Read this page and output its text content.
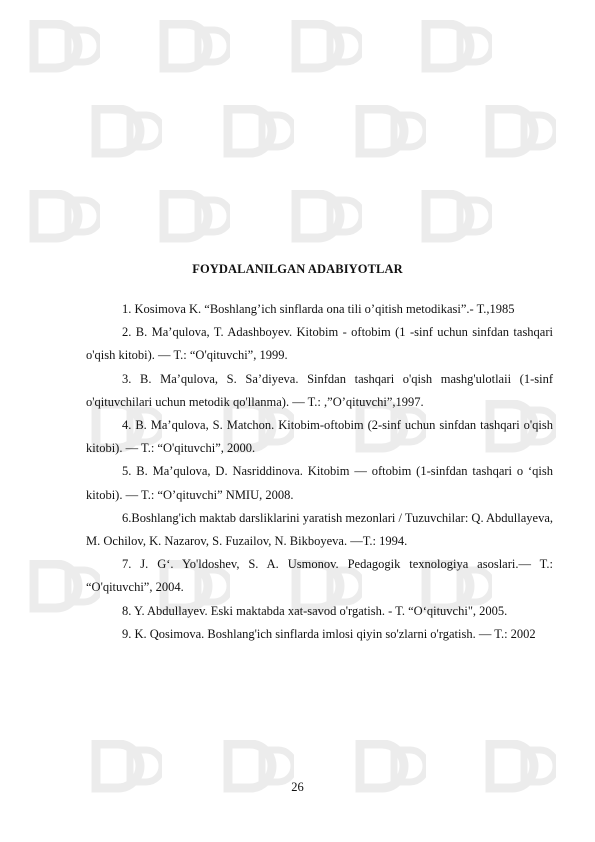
FOYDALANILGAN ADABIYOTLAR

1. Kosimova K. “Boshlang’ich sinflarda ona tili o’qitish metodikasi”.- T.,1985

2. B. Ma’qulova, T. Adashboyev. Kitobim - oftobim (1 -sinf uchun sinfdan tashqari o'qish kitobi). — T.: “O'qituvchi”, 1999.

3. B. Ma’qulova, S. Sa’diyeva. Sinfdan tashqari o'qish mashg'ulotlaii (1-sinf o'qituvchilari uchun metodik qo'llanma). — T.: ,”O’qituvchi”,1997.

4. B. Ma’qulova, S. Matchon. Kitobim-oftobim (2-sinf uchun sinfdan tashqari o'qish kitobi). — T.: “O'qituvchi”, 2000.

5. B. Ma’qulova, D. Nasriddinova. Kitobim — oftobim (1-sinfdan tashqari o ‘qish kitobi). — T.: “O’qituvchi” NMIU, 2008.

6.Boshlang'ich maktab darsliklarini yaratish mezonlari / Tuzuvchilar: Q. Abdullayeva, M. Ochilov, K. Nazarov, S. Fuzailov, N. Bikboyeva. —T.: 1994.

7. J. G‘. Yo'ldoshev, S. A. Usmonov. Pedagogik texnologiya asoslari.— T.: “O'qituvchi”, 2004.

8. Y. Abdullayev. Eski maktabda xat-savod o'rgatish. - T. “O‘qituvchi", 2005.

9. K. Qosimova. Boshlang'ich sinflarda imlosi qiyin so'zlarni o'rgatish. — T.: 2002

26
